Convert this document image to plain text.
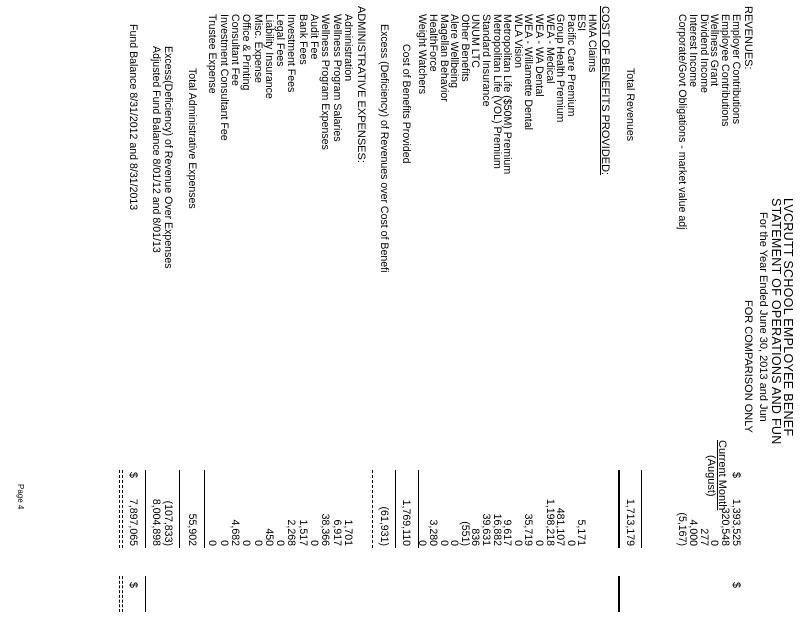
LVCRUTT SCHOOL EMPLOYEE BENEF
STATEMENT OF OPERATIONS AND FUN
For the Year Ended June 30, 2013 and Jun
FOR COMPARISON ONLY
Current Month
(August)
REVENUES:
Employer Contributions
$
1,393,525
$
Employee Contributions
320,548
Wellness Grant
0
Dividend Income
277
Interest Income
4,000
Corporate/Govt Obligations - market value adj
(5,167)
Total Revenues
1,713,179
COST OF BENEFITS PROVIDED:
HMA Claims
ESI
5,171
Pacific Care Premium
0
Group Health Premium
481,107
WEA - Medical
1,198,218
WEA - WA Dental
0
WEA - Willamette Dental
35,719
WLA Vision
0
Metropolitan Life ($50M) Premium
9,617
Metropolitan Life (VOL) Premium
16,882
Standard Insurance
39,631
UNUM LTC
836
Other Benefits
(551)
Alere Wellbeing
0
Magellan Behavior
0
HealthForce
3,280
Weight Watchers
0
Cost of Benefits Provided
1,769,110
Excess (Deficiency) of Revenues over Cost of Benefi
(61,931)
ADMINISTRATIVE EXPENSES:
Administration
1,701
Wellness Program Salaries
6,917
Wellness Program Expenses
38,366
Audit Fee
0
Bank Fees
1,517
Investment Fees
2,268
Legal Fees
0
Liability Insurance
450
Misc. Expense
0
Office & Printing
0
Consultant Fee
4,682
Investment Consultant Fee
0
Trustee Expense
0
Total Administrative Expenses
55,902
Excess(Deficiency) of Revenue Over Expenses
(107,833)
Adjusted Fund Balance 8/01/12 and 8/01/13
8,004,898
Fund Balance 8/31/2012 and 8/31/2013
$
7,897,065
$
Page 4
